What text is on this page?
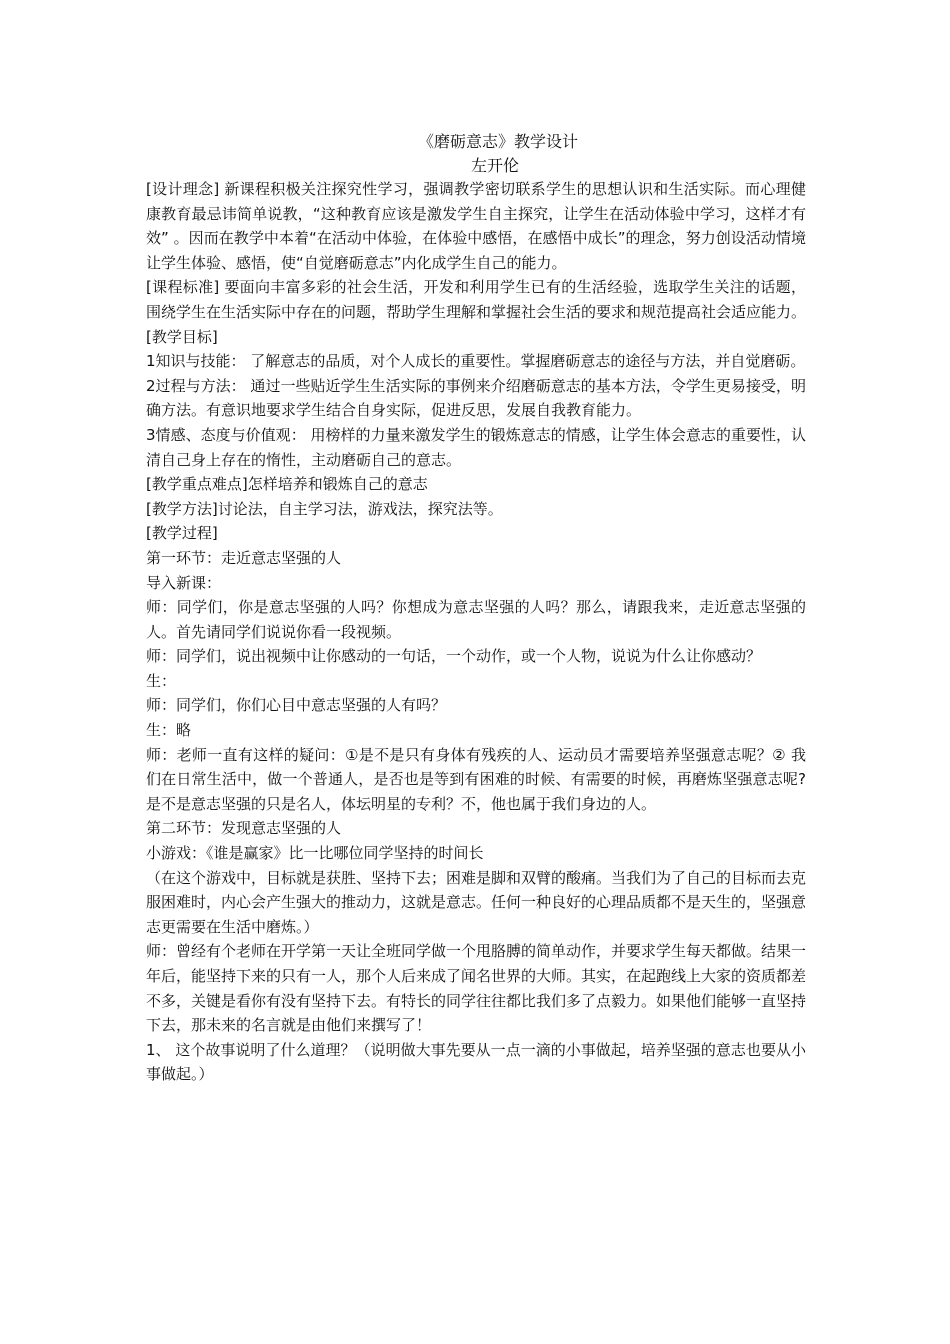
《磨砺意志》教学设计
左开伦

[设计理念] 新课程积极关注探究性学习，强调教学密切联系学生的思想认识和生活实际。而心理健康教育最忌讳简单说教，“这种教育应该是激发学生自主探究，让学生在活动体验中学习，这样才有效” 。因而在教学中本着“在活动中体验，在体验中感悟，在感悟中成长”的理念，努力创设活动情境让学生体验、感悟，使“自觉磨砺意志”内化成学生自己的能力。

[课程标准] 要面向丰富多彩的社会生活，开发和利用学生已有的生活经验，选取学生关注的话题，围绕学生在生活实际中存在的问题，帮助学生理解和掌握社会生活的要求和规范提高社会适应能力。

[教学目标]

1知识与技能： 了解意志的品质，对个人成长的重要性。掌握磨砺意志的途径与方法，并自觉磨砺。

2过程与方法： 通过一些贴近学生生活实际的事例来介绍磨砺意志的基本方法，令学生更易接受，明确方法。有意识地要求学生结合自身实际，促进反思，发展自我教育能力。

3情感、态度与价值观： 用榜样的力量来激发学生的锻炼意志的情感，让学生体会意志的重要性，认清自己身上存在的惰性，主动磨砺自己的意志。

[教学重点难点]怎样培养和锻炼自己的意志

[教学方法]讨论法，自主学习法，游戏法，探究法等。

[教学过程]

第一环节：走近意志坚强的人

导入新课：

师：同学们，你是意志坚强的人吗？你想成为意志坚强的人吗？那么，请跟我来，走近意志坚强的人。首先请同学们说说你看一段视频。

师：同学们，说出视频中让你感动的一句话，一个动作，或一个人物，说说为什么让你感动？

生：

师：同学们，你们心目中意志坚强的人有吗？

生：略

师：老师一直有这样的疑问：①是不是只有身体有残疾的人、运动员才需要培养坚强意志呢？② 我们在日常生活中，做一个普通人，是否也是等到有困难的时候、有需要的时候，再磨炼坚强意志呢?是不是意志坚强的只是名人，体坛明星的专利？不，他也属于我们身边的人。

第二环节：发现意志坚强的人

小游戏：《谁是赢家》比一比哪位同学坚持的时间长

（在这个游戏中，目标就是获胜、坚持下去；困难是脚和双臂的酸痛。当我们为了自己的目标而去克服困难时，内心会产生强大的推动力，这就是意志。任何一种良好的心理品质都不是天生的，坚强意志更需要在生活中磨炼。）

师：曾经有个老师在开学第一天让全班同学做一个甩胳膊的简单动作，并要求学生每天都做。结果一年后，能坚持下来的只有一人，那个人后来成了闻名世界的大师。其实，在起跑线上大家的资质都差不多，关键是看你有没有坚持下去。有特长的同学往往都比我们多了点毅力。如果他们能够一直坚持下去，那未来的名言就是由他们来撰写了！

1、 这个故事说明了什么道理？（说明做大事先要从一点一滴的小事做起，培养坚强的意志也要从小事做起。）
